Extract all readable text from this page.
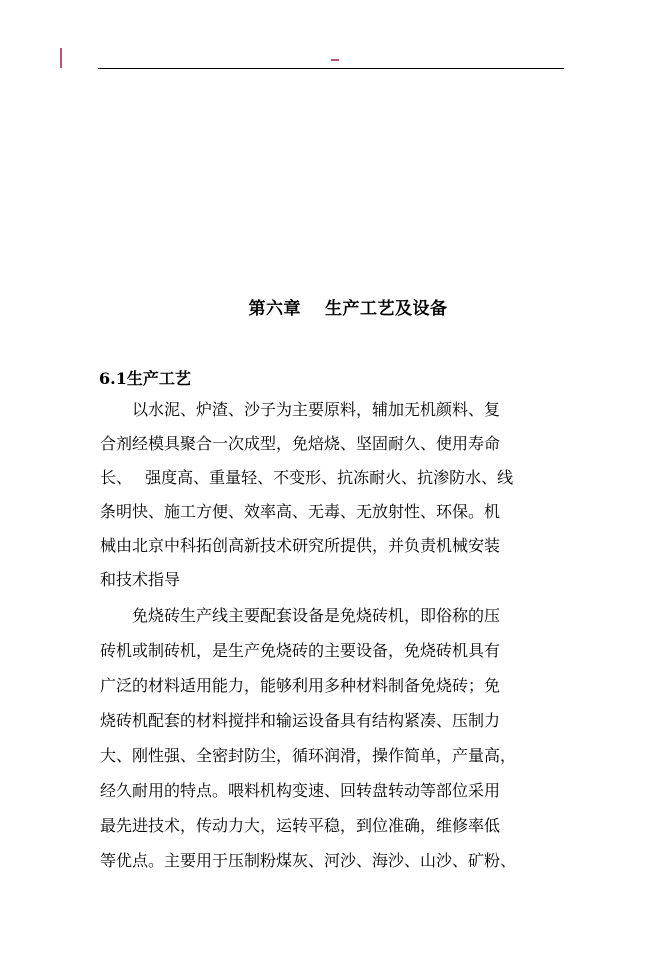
第六章　 生产工艺及设备
6.1生产工艺
　　以水泥、炉渣、沙子为主要原料，辅加无机颜料、复
合剂经模具聚合一次成型，免焙烧、坚固耐久、使用寿命
长、　 强度高、重量轻、不变形、抗冻耐火、抗渗防水、线
条明快、施工方便、效率高、无毒、无放射性、环保。机
械由北京中科拓创高新技术研究所提供，并负责机械安装
和技术指导
　　免烧砖生产线主要配套设备是免烧砖机，即俗称的压
砖机或制砖机，是生产免烧砖的主要设备，免烧砖机具有
广泛的材料适用能力，能够利用多种材料制备免烧砖；免
烧砖机配套的材料搅拌和输运设备具有结构紧凑、压制力
大、刚性强、全密封防尘，循环润滑，操作简单，产量高，
经久耐用的特点。喂料机构变速、回转盘转动等部位采用
最先进技术，传动力大，运转平稳，到位准确，维修率低
等优点。主要用于压制粉煤灰、河沙、海沙、山沙、矿粉、
